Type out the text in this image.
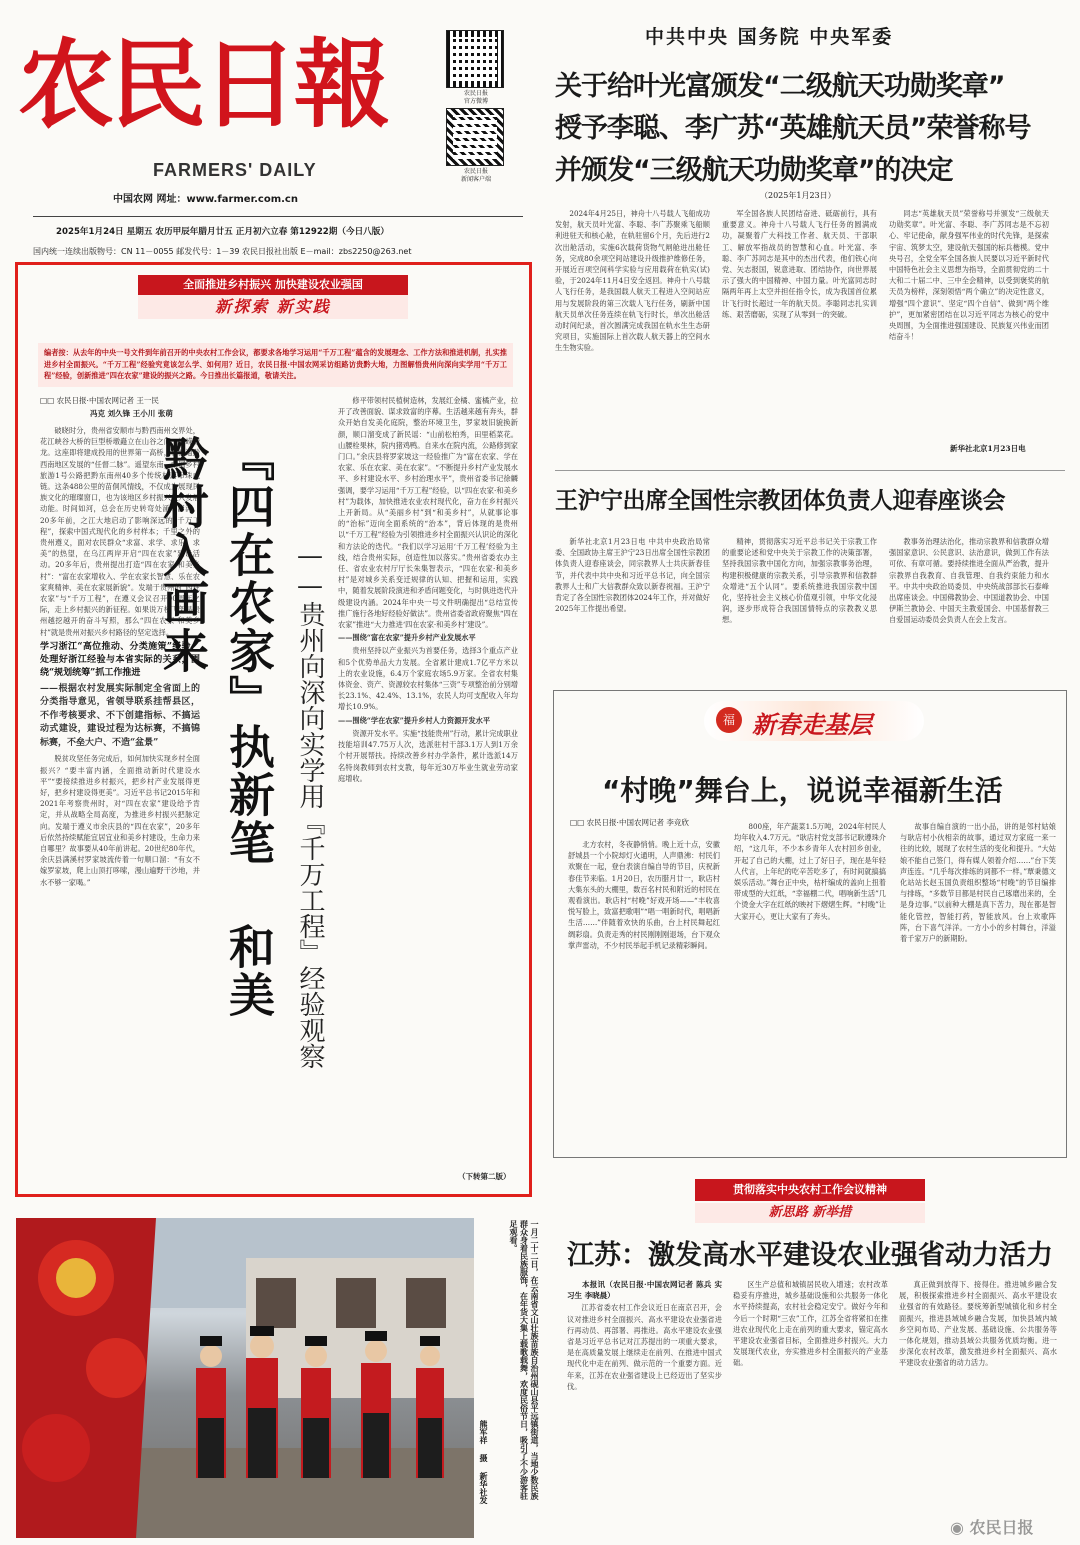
农民日報
FARMERS' DAILY
农民日报
官方微博
农民日报
新闻客户端
中国农网 网址：www.farmer.com.cn
2025年1月24日 星期五 农历甲辰年腊月廿五 正月初六立春 第12922期（今日八版）
国内统一连续出版物号：CN 11－0055 邮发代号：1－39 农民日报社出版 E－mail：zbs2250@263.net
中共中央 国务院 中央军委
关于给叶光富颁发“二级航天功勋奖章”
授予李聪、李广苏“英雄航天员”荣誉称号
并颁发“三级航天功勋奖章”的决定
（2025年1月23日）

2024年4月25日，神舟十八号载人飞船成功发射，航天员叶光富、李聪、李广苏聚乘飞船顺利进驻天和核心舱，在轨驻留6个月，先后进行2次出舱活动，实施6次载荷货物气闸舱进出舱任务，完成80余项空间站建设升级推护维修任务，开展近百项空间科学实验与应用载荷在轨实(试)验，于2024年11月4日安全返回。神舟十八号载人飞行任务，是我国载人航天工程进入空间站应用与发展阶段的第三次载人飞行任务，刷新中国航天员单次任务连续在轨飞行时长，单次出舱活动时间纪录，首次圆满完成我国在轨水生生态研究项目，实施国际上首次载人航天器上的空间水生生物实验。

军全国各族人民团结奋进、砥砺前行，具有重要意义。神舟十八号载人飞行任务的圆满成功，凝聚着广大科技工作者、航天员、干部职工、解放军指战员的智慧和心血。叶光富、李聪、李广苏同志是其中的杰出代表，他们铁心向党、矢志报国，锐意进取、团结协作，向世界展示了强大的中国精神、中国力量。叶光富同志时隔两年再上太空并担任指令长，成为我国首位累计飞行时长超过一年的航天员。李聪同志扎实训练、艰苦磨砺，实现了从零到一的突破。

同志“英雄航天员”荣誉称号并颁发“三级航天功勋奖章”。叶光富、李聪、李广苏同志是不忘初心、牢记使命，献身强军伟业的时代先锋，是探索宇宙、筑梦太空，建设航天强国的标兵楷模。党中央号召，全党全军全国各族人民要以习近平新时代中国特色社会主义思想为指导，全面贯彻党的二十大和二十届二中、三中全会精神，以受到褒奖的航天员为榜样，深刻领悟“两个确立”的决定性意义，增强“四个意识”、坚定“四个自信”、做到“两个维护”，更加紧密团结在以习近平同志为核心的党中央周围，为全面推进强国建设、民族复兴伟业而团结奋斗！

新华社北京1月23日电
王沪宁出席全国性宗教团体负责人迎春座谈会

新华社北京1月23日电 中共中央政治局常委、全国政协主席王沪宁23日出席全国性宗教团体负责人迎春座谈会，同宗教界人士共庆新春佳节，并代表中共中央和习近平总书记，向全国宗教界人士和广大信教群众致以新春祝福。王沪宁肯定了各全国性宗教团体2024年工作，并对做好2025年工作提出希望。

精神，贯彻落实习近平总书记关于宗教工作的重要论述和党中央关于宗教工作的决策部署，坚持我国宗教中国化方向，加强宗教事务治理，构建积极健康的宗教关系，引导宗教界和信教群众增进“五个认同”。要系统推进我国宗教中国化，坚持社会主义核心价值观引领，中华文化浸润，逐步形成符合我国国情特点的宗教教义思想。

教事务治理法治化，推动宗教界和信教群众增强国家意识、公民意识、法治意识，做到工作有法可依、有章可循。要持续推进全面从严治教，提升宗教界自我教育、自我管理、自我约束能力和水平。中共中央政治局委员、中央统战部部长石泰峰出席座谈会。中国佛教协会、中国道教协会、中国伊斯兰教协会、中国天主教爱国会、中国基督教三自爱国运动委员会负责人在会上发言。

福 新春走基层
“村晚”舞台上，说说幸福新生活
□□ 农民日报·中国农网记者 李竞欣

北方农村，冬夜静悄悄。晚上近十点，安徽舒城县一个小院却灯火通明，人声鼎沸：村民们欢聚在一起，登台表演自编自导的节目，庆祝新春佳节来临。1月20日，农历腊月廿一，耿店村大集东头的大棚里，数百名村民和附近的村民在观看演出。耿店村“村晚”好戏开场——“丰收喜悦写脸上，致富把歌唱”“唱一唱新时代，唱唱新生活……”伴随着欢快的乐曲，台上村民舞起红绸彩扇。负责走秀的村民刚刚刚退场，台下观众掌声雷动，不少村民举起手机记录精彩瞬间。

800座，年产蔬菜1.5万吨，2024年村民人均年收入4.7万元。“耿店村党支部书记耿遵珠介绍，“这几年，不少本乡青年人农村回乡创业，开起了自己的大棚，过上了好日子，现在是年轻人代言，上年纪的吃辛苦吃多了，有时间就搞搞娱乐活动。”舞台正中央，枯杆编成的盖向上扭着带成型的大红纸，“幸福棚二代，唱响新生活”几个烫金大字在红纸的映衬下熠熠生辉。“村晚”让大家开心，更让大家有了奔头。

故事自编自演的一出小品，讲的是邻村姑娘与耿店村小伙相亲的故事，通过双方家庭一来一往的比较，展现了农村生活的变化和提升。“大姑娘不能自己签门，得有媒人领着介绍……”台下笑声连连。“几乎每次排练的词都不一样。”覃秉德文化站站长赵玉国负责组织整场“村晚”的节目编排与排练，“多数节目都是村民自己琢磨出来的，全是身边事。”以前种大棚是真下苦力，现在都是智能化管控，智能打药，智能放风。台上欢歌阵阵，台下喜气洋洋。一方小小的乡村舞台，洋溢着千家万户的新期盼。

贯彻落实中央农村工作会议精神
新思路 新举措
江苏：激发高水平建设农业强省动力活力

本报讯（农民日报·中国农网记者 陈兵 实习生 李晓晨）

江苏省委农村工作会议近日在南京召开，会议对推进乡村全面振兴、高水平建设农业强省进行再动员、再部署、再推进。高水平建设农业强省是习近平总书记对江苏提出的一项重大要求，是在高质量发展上继续走在前列、在推进中国式现代化中走在前列、做示范的一个重要方面。近年来，江苏在农业强省建设上已经迈出了坚实步伐。

区生产总值和城镇居民收入增速；农村改革稳妥有序推进，城乡基础设施和公共服务一体化水平持续提高，农村社会稳定安宁。做好今年和今后一个时期“三农”工作，江苏全省将紧扣在推进农业现代化上走在前列的重大要求，锚定高水平建设农业强省目标，全面推进乡村振兴。大力发展现代农业，夯实推进乡村全面振兴的产业基础。

真正做到放得下、接得住。推进城乡融合发展，积极探索推进乡村全面振兴、高水平建设农业强省的有效路径。要统筹新型城镇化和乡村全面振兴，推进县域城乡融合发展，加快县域内城乡空间布局、产业发展、基础设施、公共服务等一体化规划，推动县域公共服务优质均衡。进一步深化农村改革，激发推进乡村全面振兴、高水平建设农业强省的动力活力。

全面推进乡村振兴 加快建设农业强国
新探索 新实践
编者按：从去年的中央一号文件到年前召开的中央农村工作会议，都要求各地学习运用“千万工程”蕴含的发展理念、工作方法和推进机制，扎实推进乡村全面振兴。“千万工程”经验究竟该怎么学、如何用？近日，农民日报·中国农网采访组路访贵黔大地，力图解悟贵州向深向实学用“千万工程”经验，创新推进“四在农家”建设的振兴之路。今日推出长篇报道，敬请关注。
□□ 农民日报·中国农网记者 王一民
冯克 刘久锋 王小川 张萌

破晓时分，贵州省安顺市与黔西南州交界处，花江峡谷大桥的巨型桥墩矗立在山谷之间，峥嵘蛟龙。这座即将建成投用的世界第一高桥，将打通黔西南地区发展的“任督二脉”。遥望东南，中国乡村旅游1号公路把黔东南州40多个传统村落串珠成链。这条488公里的苗侗风情线，不仅成为展现民族文化的璀璨窗口，也为该地区乡村振兴注入发展动能。时间如河，总会在历史转弯处涌动澎湃。20多年前，之江大地启动了影响深远的“千万工程”，探索中国式现代化的乡村样本；千里之外的贵州遵义，面对农民群众“求富、求学、求乐、求美”的热望，在乌江两岸开启“四在农家”建设活动。20多年后，贵州提出打造“四在农家·和美乡村”：“富在农家增收入、学在农家长智慧、乐在农家爽精神、美在农家展新貌”。发端于贵州的“四在农家”与“千万工程”，在遵义会议召开90周年之际，走上乡村振兴的新征程。如果说万桥飞架是贵州越挖越开的奋斗写照，那么“四在农家·和美乡村”就是贵州对振兴乡村路径的坚定选择。

学习浙江“高位推动、分类施策”经验，处理好浙江经验与本省实际的关系，围绕“规划统筹”抓工作推进
——根据农村发展实际制定全省面上的分类指导意见，省领导联系挂帮县区，不作考核要求、不下创建指标、不搞运动式建设，建设过程为达标赛，不搞锦标赛，不垒大户、不造“盆景”

脱贫攻坚任务完成后，如何加快实现乡村全面振兴？“要丰富内涵，全面推动新时代建设水平”“要接续推进乡村振兴，把乡村产业发展得更好，把乡村建设得更美”。习近平总书记2015年和2021年考察贵州时，对“四在农家”建设给予肯定，并从战略全局高度，为推进乡村振兴把脉定向。发端于遵义市余庆县的“四在农家”，20多年后依然持续赋能宜居宜业和美乡村建设，生命力来自哪里？故事要从40年前讲起。20世纪80年代，余庆县满溪村罗家坡流传着一句顺口溜：“有女不嫁罗家坡，爬上山顶打哆嗦，漫山遍野干沙地，并水不够一家喝。”	『四在农家』执新笔 和美黔村入画来	——贵州向深向实学用『千万工程』经验观察

修平带领村民植树造林，发展红金橘、蜜橘产业，拉开了改善面貌、谋求致富的序幕。生活越来越有奔头，群众开始自发美化庭院，整治环境卫生，罗家坡旧貌换新颜，顺口溜变成了新民谣：“山前松柏秀，田里稻菜花。山腰栓果林，院内猪鸡鸭。自来水在院内流，公路修到家门口。”余庆县将罗家坡这一经验推广为“富在农家、学在农家、乐在农家、美在农家”。“不断提升乡村产业发展水平、乡村建设水平、乡村治理水平”，贵州省委书记徐麟强调，要学习运用“千万工程”经验，以“四在农家·和美乡村”为载体，加快推进农业农村现代化，奋力在乡村振兴上开新局。从“美丽乡村”到“和美乡村”，从就事论事的“治标”迈向全面系统的“治本”，背后体现的是贵州以“千万工程”经验为引领推进乡村全面振兴认识论的深化和方法论的迭代。“我们以学习运用‘千万工程’经验为主线，结合贵州实际，创造性加以落实。”贵州省委农办主任、省农业农村厅厅长朱集智表示，“四在农家·和美乡村”是对城乡关系变迁规律的认知、把握和运用，实践中，随着发展阶段演进和矛盾问题变化，与时俱进迭代升级建设内涵。2024年中央一号文件明确提出“总结宣传推广施行各地好经验好做法”。贵州省委省政府聚焦“四在农家”推进“大力推进‘四在农家·和美乡村’建设”。

——围绕“富在农家”提升乡村产业发展水平

贵州坚持以产业振兴为首要任务，选择3个重点产业和5个优势单品大力发展。全省累计建成1.7亿平方米以上的农业设施，6.4万个家庭农场5.9万家。全省农村集体资金、资产、资源较农村集体“三资”专项整治前分别增长23.1%、42.4%、13.1%，农民人均可支配收入年均增长10.9%。

——围绕“学在农家”提升乡村人力资源开发水平

资源开发水平。实施“技能贵州”行动，累计完成职业技能培训47.75万人次，选派驻村干部3.1万人到1万余个村开展帮扶。持续改善乡村办学条件，累计选派14万名特岗教师到农村支教，每年近30万毕业生就业劳动家庭增收。

（下转第二版）
一月二十二日，在云南省文山壮族苗族自治州砚山县平远镇街道，当地少数民族群众身着民族服饰，在年货大集上载歌载舞，欢度民俗节日，吸引了不少游客驻足观看。
熊军祥 摄 新华社发
◉ 农民日报
